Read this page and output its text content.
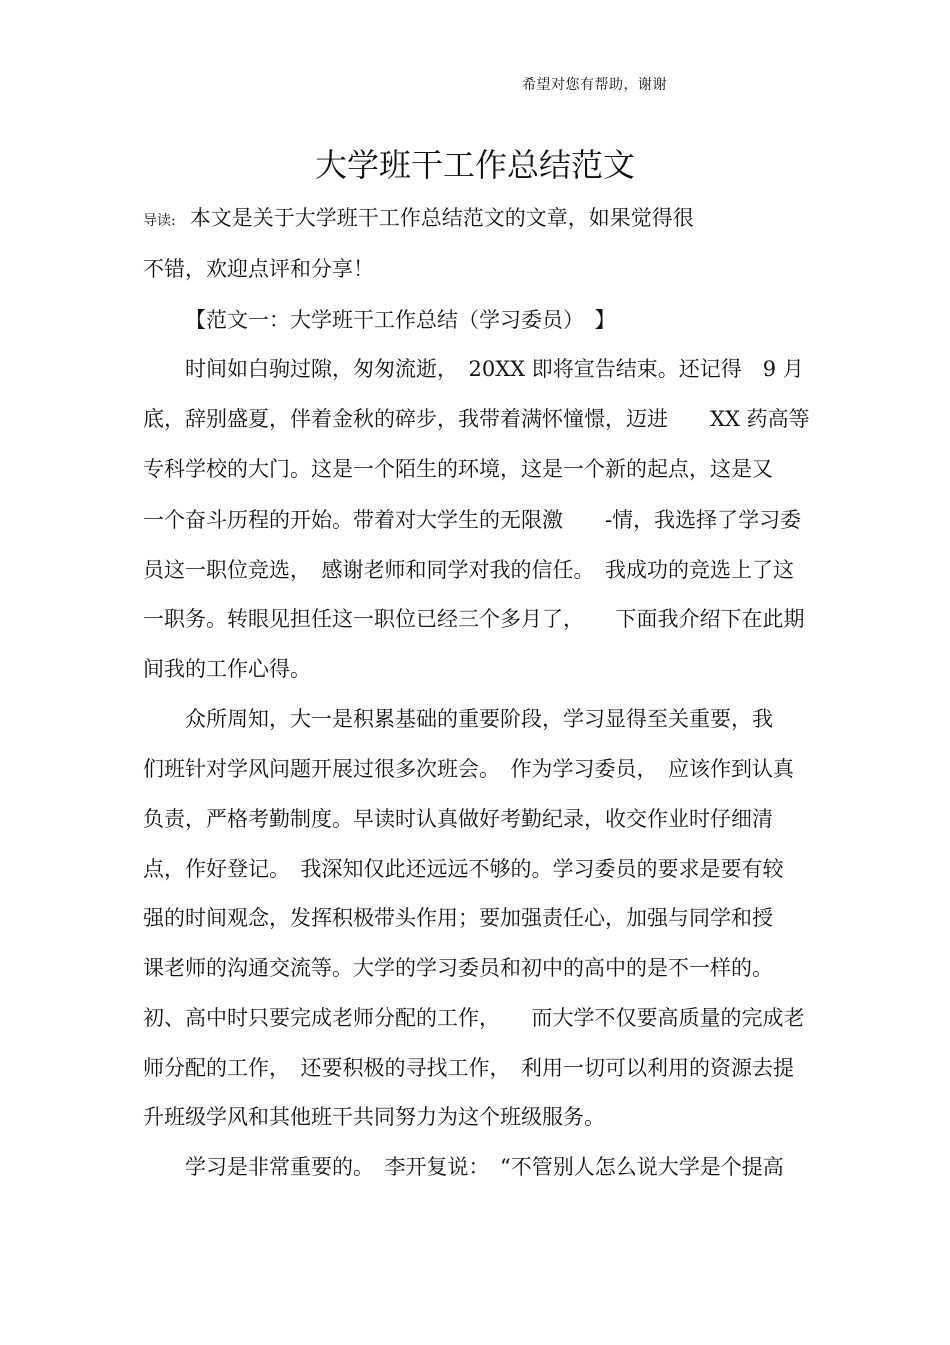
希望对您有帮助，谢谢
大学班干工作总结范文
导读: 本文是关于大学班干工作总结范文的文章，如果觉得很
不错，欢迎点评和分享！
【范文一：大学班干工作总结（学习委员）　】
　　时间如白驹过隙，匆匆流逝，　20XX 即将宣告结束。还记得　9 月
底，辞别盛夏，伴着金秋的碎步，我带着满怀憧憬，迈进　　XX 药高等
专科学校的大门。这是一个陌生的环境，这是一个新的起点，这是又
一个奋斗历程的开始。带着对大学生的无限激　　-情，我选择了学习委
员这一职位竞选，　感谢老师和同学对我的信任。　我成功的竞选上了这
一职务。转眼见担任这一职位已经三个多月了，　　下面我介绍下在此期
间我的工作心得。
　　众所周知，大一是积累基础的重要阶段，学习显得至关重要，我
们班针对学风问题开展过很多次班会。　作为学习委员，　应该作到认真
负责，严格考勤制度。早读时认真做好考勤纪录，收交作业时仔细清
点，作好登记。　我深知仅此还远远不够的。学习委员的要求是要有较
强的时间观念，发挥积极带头作用；要加强责任心，加强与同学和授
课老师的沟通交流等。大学的学习委员和初中的高中的是不一样的。
初、高中时只要完成老师分配的工作，　　而大学不仅要高质量的完成老
师分配的工作，　还要积极的寻找工作，　利用一切可以利用的资源去提
升班级学风和其他班干共同努力为这个班级服务。
　　学习是非常重要的。　李开复说：　“不管别人怎么说大学是个提高
